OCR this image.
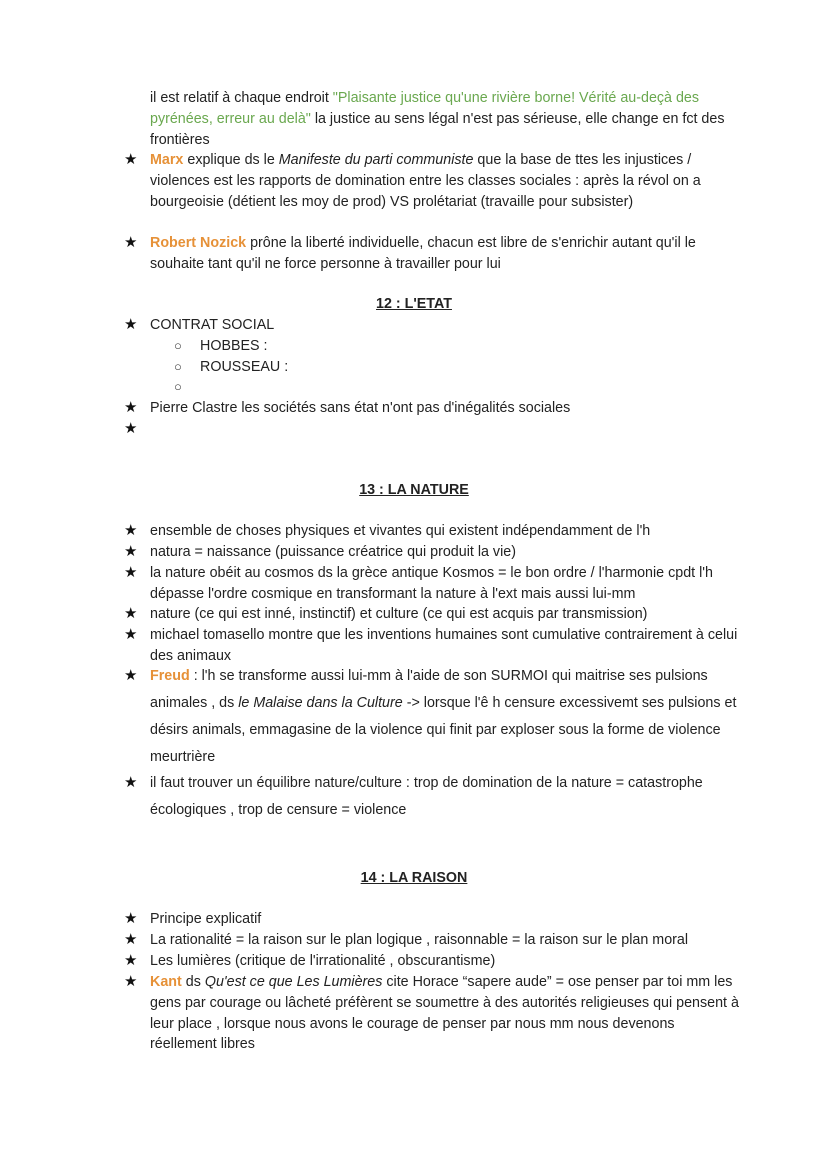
il est relatif à chaque endroit "Plaisante justice qu'une rivière borne! Vérité au-deçà des pyrénées, erreur au delà" la justice au sens légal n'est pas sérieuse, elle change en fct des frontières
★ Marx explique ds le Manifeste du parti communiste que la base de ttes les injustices / violences est les rapports de domination entre les classes sociales : après la révol on a bourgeoisie (détient les moy de prod) VS prolétariat (travaille pour subsister)
★ Robert Nozick prône la liberté individuelle, chacun est libre de s'enrichir autant qu'il le souhaite tant qu'il ne force personne à travailler pour lui
12 : L'ETAT
★ CONTRAT SOCIAL
○ HOBBES :
○ ROUSSEAU :
○
★ Pierre Clastre les sociétés sans état n'ont pas d'inégalités sociales
★
13 : LA NATURE
★ ensemble de choses physiques et vivantes qui existent indépendamment de l'h
★ natura = naissance (puissance créatrice qui produit la vie)
★ la nature obéit au cosmos ds la grèce antique Kosmos = le bon ordre / l'harmonie cpdt l'h dépasse l'ordre cosmique en transformant la nature à l'ext mais aussi lui-mm
★ nature (ce qui est inné, instinctif) et culture (ce qui est acquis par transmission)
★ michael tomasello montre que les inventions humaines sont cumulative contrairement à celui des animaux
★ Freud : l'h se transforme aussi lui-mm à l'aide de son SURMOI qui maitrise ses pulsions animales , ds le Malaise dans la Culture -> lorsque l'ê h censure excessivemt ses pulsions et désirs animals, emmagasine de la violence qui finit par exploser sous la forme de violence meurtrière
★ il faut trouver un équilibre nature/culture : trop de domination de la nature = catastrophe écologiques , trop de censure = violence
14 : LA RAISON
★ Principe explicatif
★ La rationalité = la raison sur le plan logique , raisonnable = la raison sur le plan moral
★ Les lumières (critique de l'irrationalité , obscurantisme)
★ Kant ds Qu'est ce que Les Lumières cite Horace “sapere aude” = ose penser par toi mm les gens par courage ou lâcheté préfèrent se soumettre à des autorités religieuses qui pensent à leur place , lorsque nous avons le courage de penser par nous mm nous devenons réellement libres
